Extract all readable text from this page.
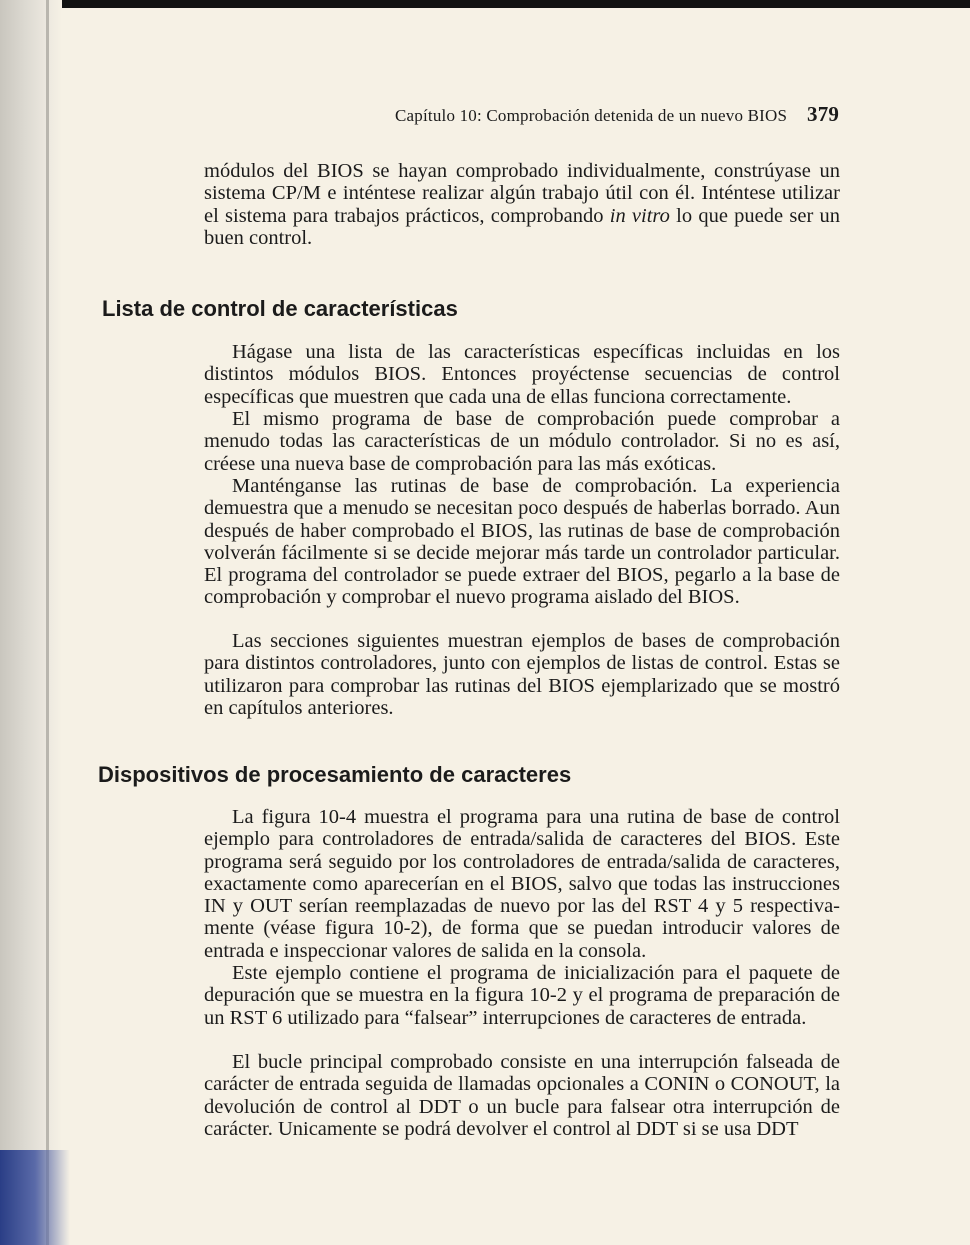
Capítulo 10: Comprobación detenida de un nuevo BIOS 379

módulos del BIOS se hayan comprobado individualmente, constrúyase un sistema CP/M e inténtese realizar algún trabajo útil con él. Inténtese utilizar el sistema para trabajos prácticos, comprobando in vitro lo que puede ser un buen control.

Lista de control de características

Hágase una lista de las características específicas incluidas en los distintos módulos BIOS. Entonces proyéctense secuencias de control específicas que muestren que cada una de ellas funciona correctamente.

El mismo programa de base de comprobación puede comprobar a menudo todas las características de un módulo controlador. Si no es así, créese una nueva base de comprobación para las más exóticas.

Manténganse las rutinas de base de comprobación. La experiencia demuestra que a menudo se necesitan poco después de haberlas borrado. Aun después de haber comprobado el BIOS, las rutinas de base de comprobación volverán fácilmente si se decide mejorar más tarde un controlador particular. El programa del controlador se puede extraer del BIOS, pegarlo a la base de comprobación y comprobar el nuevo programa aislado del BIOS.

Las secciones siguientes muestran ejemplos de bases de comprobación para distintos controladores, junto con ejemplos de listas de control. Estas se utilizaron para comprobar las rutinas del BIOS ejemplarizado que se mostró en capítulos anteriores.

Dispositivos de procesamiento de caracteres

La figura 10-4 muestra el programa para una rutina de base de control ejemplo para controladores de entrada/salida de caracteres del BIOS. Este programa será seguido por los controladores de entrada/salida de caracteres, exactamente como aparecerían en el BIOS, salvo que todas las instrucciones IN y OUT serían reemplazadas de nuevo por las del RST 4 y 5 respectiva-mente (véase figura 10-2), de forma que se puedan introducir valores de entrada e inspeccionar valores de salida en la consola.

Este ejemplo contiene el programa de inicialización para el paquete de depuración que se muestra en la figura 10-2 y el programa de preparación de un RST 6 utilizado para “falsear” interrupciones de caracteres de entrada.

El bucle principal comprobado consiste en una interrupción falseada de carácter de entrada seguida de llamadas opcionales a CONIN o CONOUT, la devolución de control al DDT o un bucle para falsear otra interrupción de carácter. Unicamente se podrá devolver el control al DDT si se usa DDT
